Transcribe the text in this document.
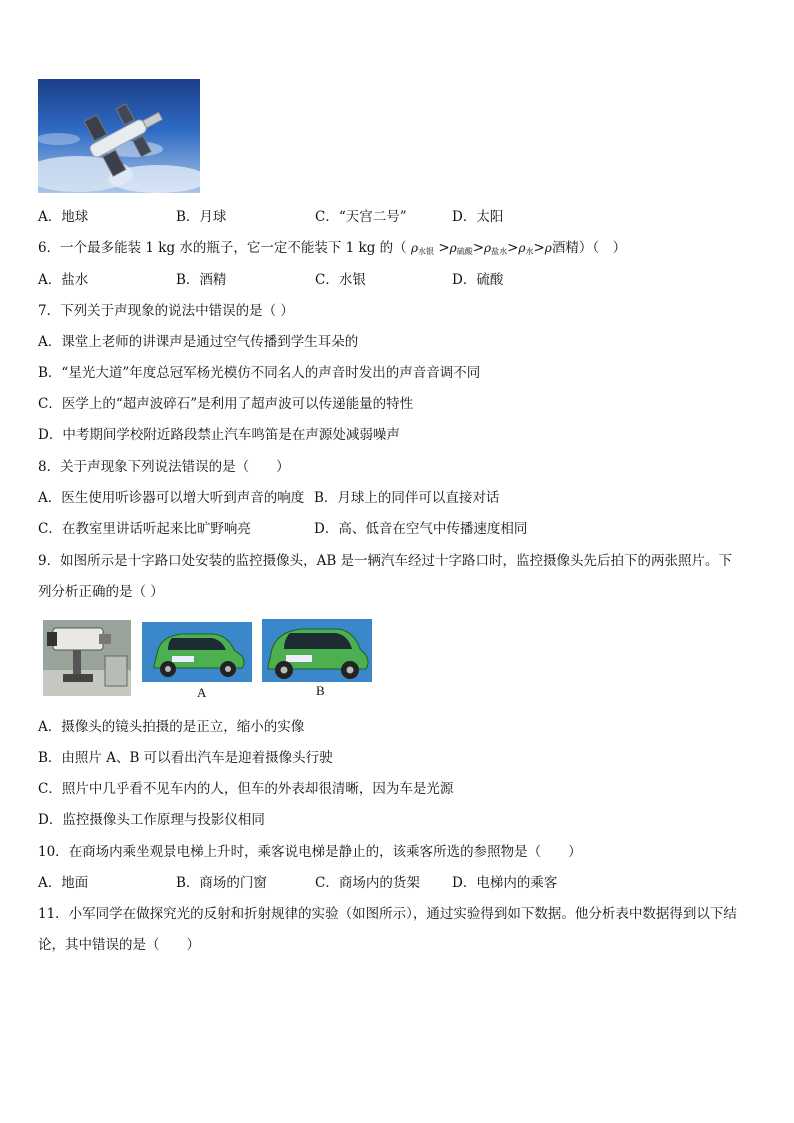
A．地球	B．月球	C．“天宫二号”	D．太阳
6．一个最多能装 1 kg 水的瓶子，它一定不能装下 1 kg 的（ $\rho_{水银} >\rho_{硫酸}>\rho_{盐水}>\rho_水>\rho$酒精）（　）
A．盐水	B．酒精	C．水银	D．硫酸
7．下列关于声现象的说法中错误的是（ ）
A．课堂上老师的讲课声是通过空气传播到学生耳朵的
B．“星光大道”年度总冠军杨光模仿不同名人的声音时发出的声音音调不同
C．医学上的“超声波碎石”是利用了超声波可以传递能量的特性
D．中考期间学校附近路段禁止汽车鸣笛是在声源处减弱噪声
8．关于声现象下列说法错误的是（　　）
A．医生使用听诊器可以增大听到声音的响度 B．月球上的同伴可以直接对话
C．在教室里讲话听起来比旷野响亮	D．高、低音在空气中传播速度相同
9．如图所示是十字路口处安装的监控摄像头，AB 是一辆汽车经过十字路口时，监控摄像头先后拍下的两张照片。下
列分析正确的是（ ）
A	B
A．摄像头的镜头拍摄的是正立，缩小的实像
B．由照片 A、B 可以看出汽车是迎着摄像头行驶
C．照片中几乎看不见车内的人，但车的外表却很清晰，因为车是光源
D．监控摄像头工作原理与投影仪相同
10．在商场内乘坐观景电梯上升时，乘客说电梯是静止的，该乘客所选的参照物是（　　）
A．地面	B．商场的门窗	C．商场内的货架 D．电梯内的乘客
11．小军同学在做探究光的反射和折射规律的实验（如图所示），通过实验得到如下数据。他分析表中数据得到以下结
论，其中错误的是（　　）
